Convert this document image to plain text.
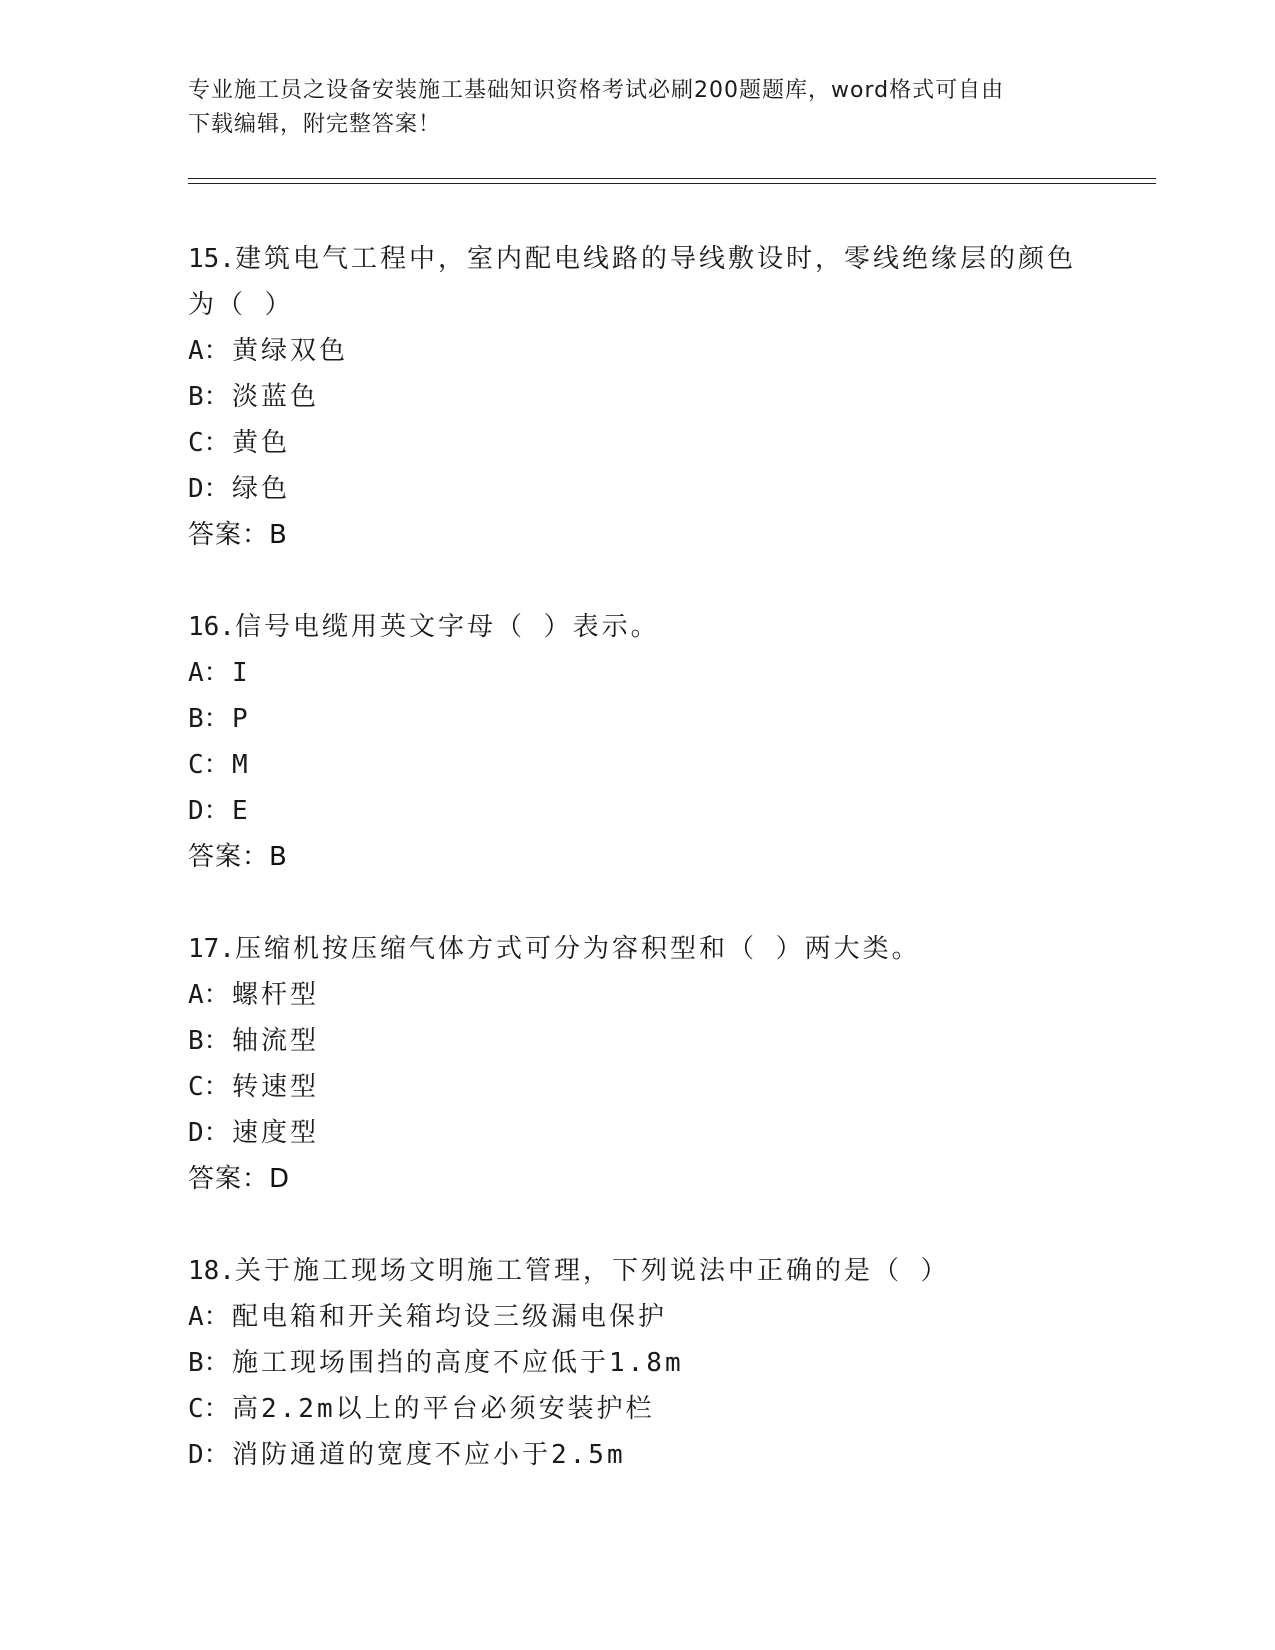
专业施工员之设备安装施工基础知识资格考试必刷200题题库，word格式可自由
下载编辑，附完整答案！
15.建筑电气工程中，室内配电线路的导线敷设时，零线绝缘层的颜色
为（ ）
A：黄绿双色
B：淡蓝色
C：黄色
D：绿色
答案：B
16.信号电缆用英文字母（ ）表示。
A：I
B：P
C：M
D：E
答案：B
17.压缩机按压缩气体方式可分为容积型和（ ）两大类。
A：螺杆型
B：轴流型
C：转速型
D：速度型
答案：D
18.关于施工现场文明施工管理，下列说法中正确的是（ ）
A：配电箱和开关箱均设三级漏电保护
B：施工现场围挡的高度不应低于1.8m
C：高2.2m以上的平台必须安装护栏
D：消防通道的宽度不应小于2.5m
